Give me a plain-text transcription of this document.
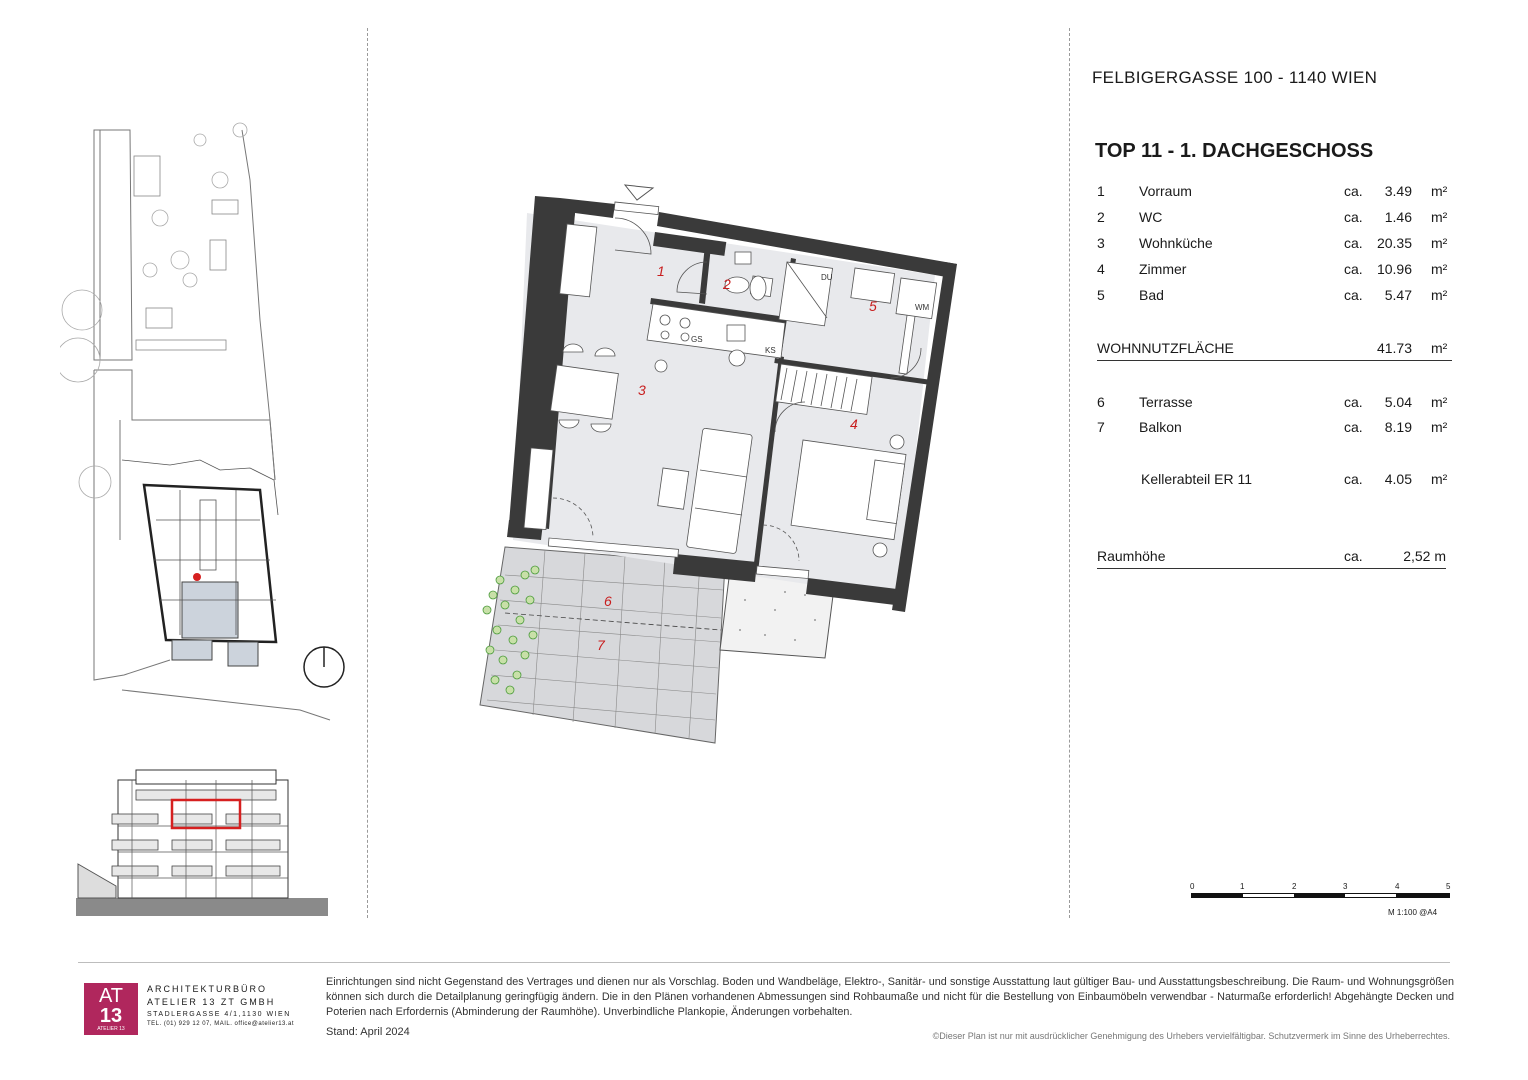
1
2
3
4
5
6
7
GS
KS
DU
WM
FELBIGERGASSE 100 - 1140 WIEN
TOP 11 - 1. DACHGESCHOSS
1 Vorraum	ca.	3.49 m²
2 WC	ca.	1.46 m²
3 Wohnküche	ca.	20.35 m²
4 Zimmer	ca.	10.96 m²
5 Bad	ca.	5.47 m²
WOHNNUTZFLÄCHE	41.73 m²
6 Terrasse	ca.	5.04 m²
7 Balkon	ca.	8.19 m²
Kellerabteil ER 11	ca.	4.05 m²
Raumhöhe	ca.	2,52 m
0	1	2	3	4	5
M 1:100 @A4
AT
13
ATELIER 13
ARCHITEKTURBÜRO
ATELIER 13 ZT GMBH
STADLERGASSE 4/1,1130 WIEN
TEL. (01) 929 12 07, MAIL. office@atelier13.at
Einrichtungen sind nicht Gegenstand des Vertrages und dienen nur als Vorschlag. Boden und Wandbeläge, Elektro-, Sanitär- und sonstige Ausstattung laut gültiger Bau- und Ausstattungsbeschreibung. Die Raum- und Wohnungsgrößen können sich durch die Detailplanung geringfügig ändern. Die in den Plänen vorhandenen Abmessungen sind Rohbaumaße und nicht für die Bestellung von Einbaumöbeln verwendbar - Naturmaße erforderlich! Abgehängte Decken und Poterien nach Erfordernis (Abminderung der Raumhöhe). Unverbindliche Plankopie, Änderungen vorbehalten.
Stand: April 2024	©Dieser Plan ist nur mit ausdrücklicher Genehmigung des Urhebers vervielfältigbar. Schutzvermerk im Sinne des Urheberrechtes.
